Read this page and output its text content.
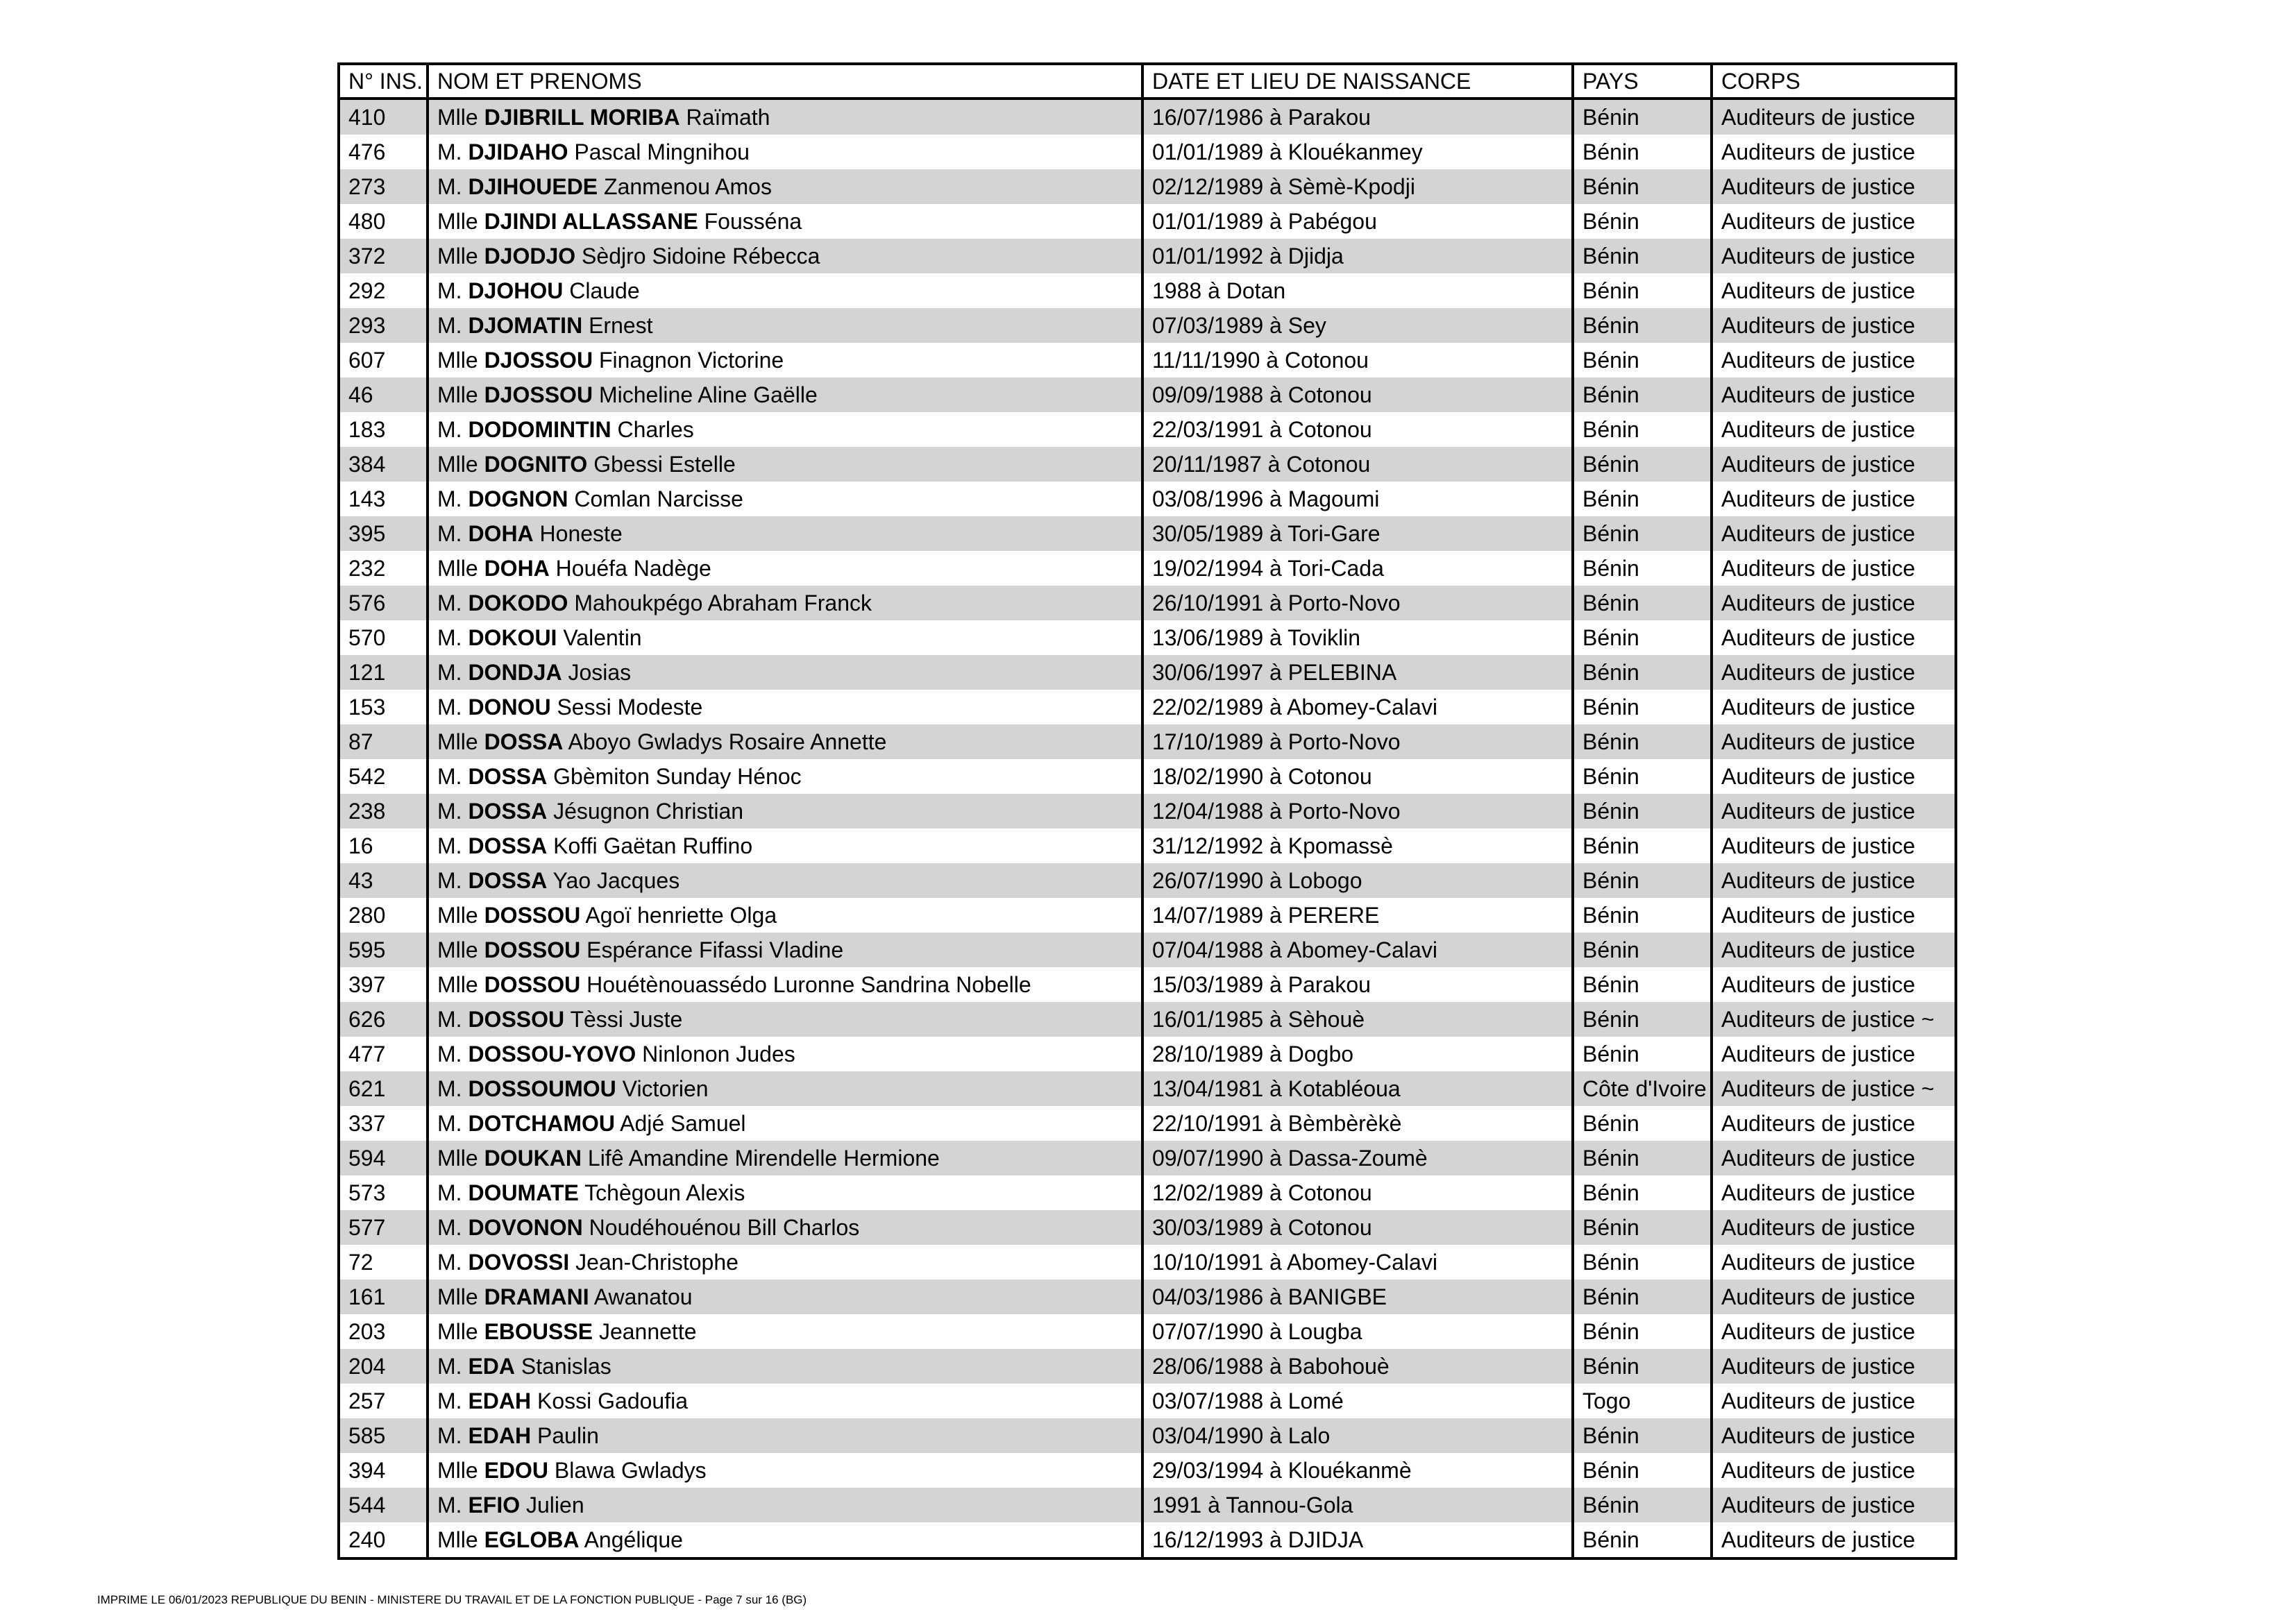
N° INS.	NOM ET PRENOMS	DATE ET LIEU DE NAISSANCE	PAYS	CORPS
410	Mlle DJIBRILL MORIBA Raïmath	16/07/1986 à Parakou	Bénin	Auditeurs de justice
476	M. DJIDAHO Pascal Mingnihou	01/01/1989 à Klouékanmey	Bénin	Auditeurs de justice
273	M. DJIHOUEDE Zanmenou Amos	02/12/1989 à Sèmè-Kpodji	Bénin	Auditeurs de justice
480	Mlle DJINDI ALLASSANE Fousséna	01/01/1989 à Pabégou	Bénin	Auditeurs de justice
372	Mlle DJODJO Sèdjro Sidoine Rébecca	01/01/1992 à Djidja	Bénin	Auditeurs de justice
292	M. DJOHOU Claude	1988 à Dotan	Bénin	Auditeurs de justice
293	M. DJOMATIN Ernest	07/03/1989 à Sey	Bénin	Auditeurs de justice
607	Mlle DJOSSOU Finagnon Victorine	11/11/1990 à Cotonou	Bénin	Auditeurs de justice
46	Mlle DJOSSOU Micheline Aline Gaëlle	09/09/1988 à Cotonou	Bénin	Auditeurs de justice
183	M. DODOMINTIN Charles	22/03/1991 à Cotonou	Bénin	Auditeurs de justice
384	Mlle DOGNITO Gbessi Estelle	20/11/1987 à Cotonou	Bénin	Auditeurs de justice
143	M. DOGNON Comlan Narcisse	03/08/1996 à Magoumi	Bénin	Auditeurs de justice
395	M. DOHA Honeste	30/05/1989 à Tori-Gare	Bénin	Auditeurs de justice
232	Mlle DOHA Houéfa Nadège	19/02/1994 à Tori-Cada	Bénin	Auditeurs de justice
576	M. DOKODO Mahoukpégo Abraham Franck	26/10/1991 à Porto-Novo	Bénin	Auditeurs de justice
570	M. DOKOUI Valentin	13/06/1989 à Toviklin	Bénin	Auditeurs de justice
121	M. DONDJA Josias	30/06/1997 à PELEBINA	Bénin	Auditeurs de justice
153	M. DONOU Sessi Modeste	22/02/1989 à Abomey-Calavi	Bénin	Auditeurs de justice
87	Mlle DOSSA Aboyo Gwladys Rosaire Annette	17/10/1989 à Porto-Novo	Bénin	Auditeurs de justice
542	M. DOSSA Gbèmiton Sunday Hénoc	18/02/1990 à Cotonou	Bénin	Auditeurs de justice
238	M. DOSSA Jésugnon Christian	12/04/1988 à Porto-Novo	Bénin	Auditeurs de justice
16	M. DOSSA Koffi Gaëtan Ruffino	31/12/1992 à Kpomassè	Bénin	Auditeurs de justice
43	M. DOSSA Yao Jacques	26/07/1990 à Lobogo	Bénin	Auditeurs de justice
280	Mlle DOSSOU Agoï henriette Olga	14/07/1989 à PERERE	Bénin	Auditeurs de justice
595	Mlle DOSSOU Espérance Fifassi Vladine	07/04/1988 à Abomey-Calavi	Bénin	Auditeurs de justice
397	Mlle DOSSOU Houétènouassédo Luronne Sandrina Nobelle	15/03/1989 à Parakou	Bénin	Auditeurs de justice
626	M. DOSSOU Tèssi Juste	16/01/1985 à Sèhouè	Bénin	Auditeurs de justice ~
477	M. DOSSOU-YOVO Ninlonon Judes	28/10/1989 à Dogbo	Bénin	Auditeurs de justice
621	M. DOSSOUMOU Victorien	13/04/1981 à Kotabléoua	Côte d'Ivoire	Auditeurs de justice ~
337	M. DOTCHAMOU Adjé Samuel	22/10/1991 à Bèmbèrèkè	Bénin	Auditeurs de justice
594	Mlle DOUKAN Lifê Amandine Mirendelle Hermione	09/07/1990 à Dassa-Zoumè	Bénin	Auditeurs de justice
573	M. DOUMATE Tchègoun Alexis	12/02/1989 à Cotonou	Bénin	Auditeurs de justice
577	M. DOVONON Noudéhouénou Bill Charlos	30/03/1989 à Cotonou	Bénin	Auditeurs de justice
72	M. DOVOSSI Jean-Christophe	10/10/1991 à Abomey-Calavi	Bénin	Auditeurs de justice
161	Mlle DRAMANI Awanatou	04/03/1986 à BANIGBE	Bénin	Auditeurs de justice
203	Mlle EBOUSSE Jeannette	07/07/1990 à Lougba	Bénin	Auditeurs de justice
204	M. EDA Stanislas	28/06/1988 à Babohouè	Bénin	Auditeurs de justice
257	M. EDAH Kossi Gadoufia	03/07/1988 à Lomé	Togo	Auditeurs de justice
585	M. EDAH Paulin	03/04/1990 à Lalo	Bénin	Auditeurs de justice
394	Mlle EDOU Blawa Gwladys	29/03/1994 à Klouékanmè	Bénin	Auditeurs de justice
544	M. EFIO Julien	1991 à Tannou-Gola	Bénin	Auditeurs de justice
240	Mlle EGLOBA Angélique	16/12/1993 à DJIDJA	Bénin	Auditeurs de justice
IMPRIME LE 06/01/2023 REPUBLIQUE DU BENIN - MINISTERE DU TRAVAIL ET DE LA FONCTION PUBLIQUE - Page 7 sur 16 (BG)
